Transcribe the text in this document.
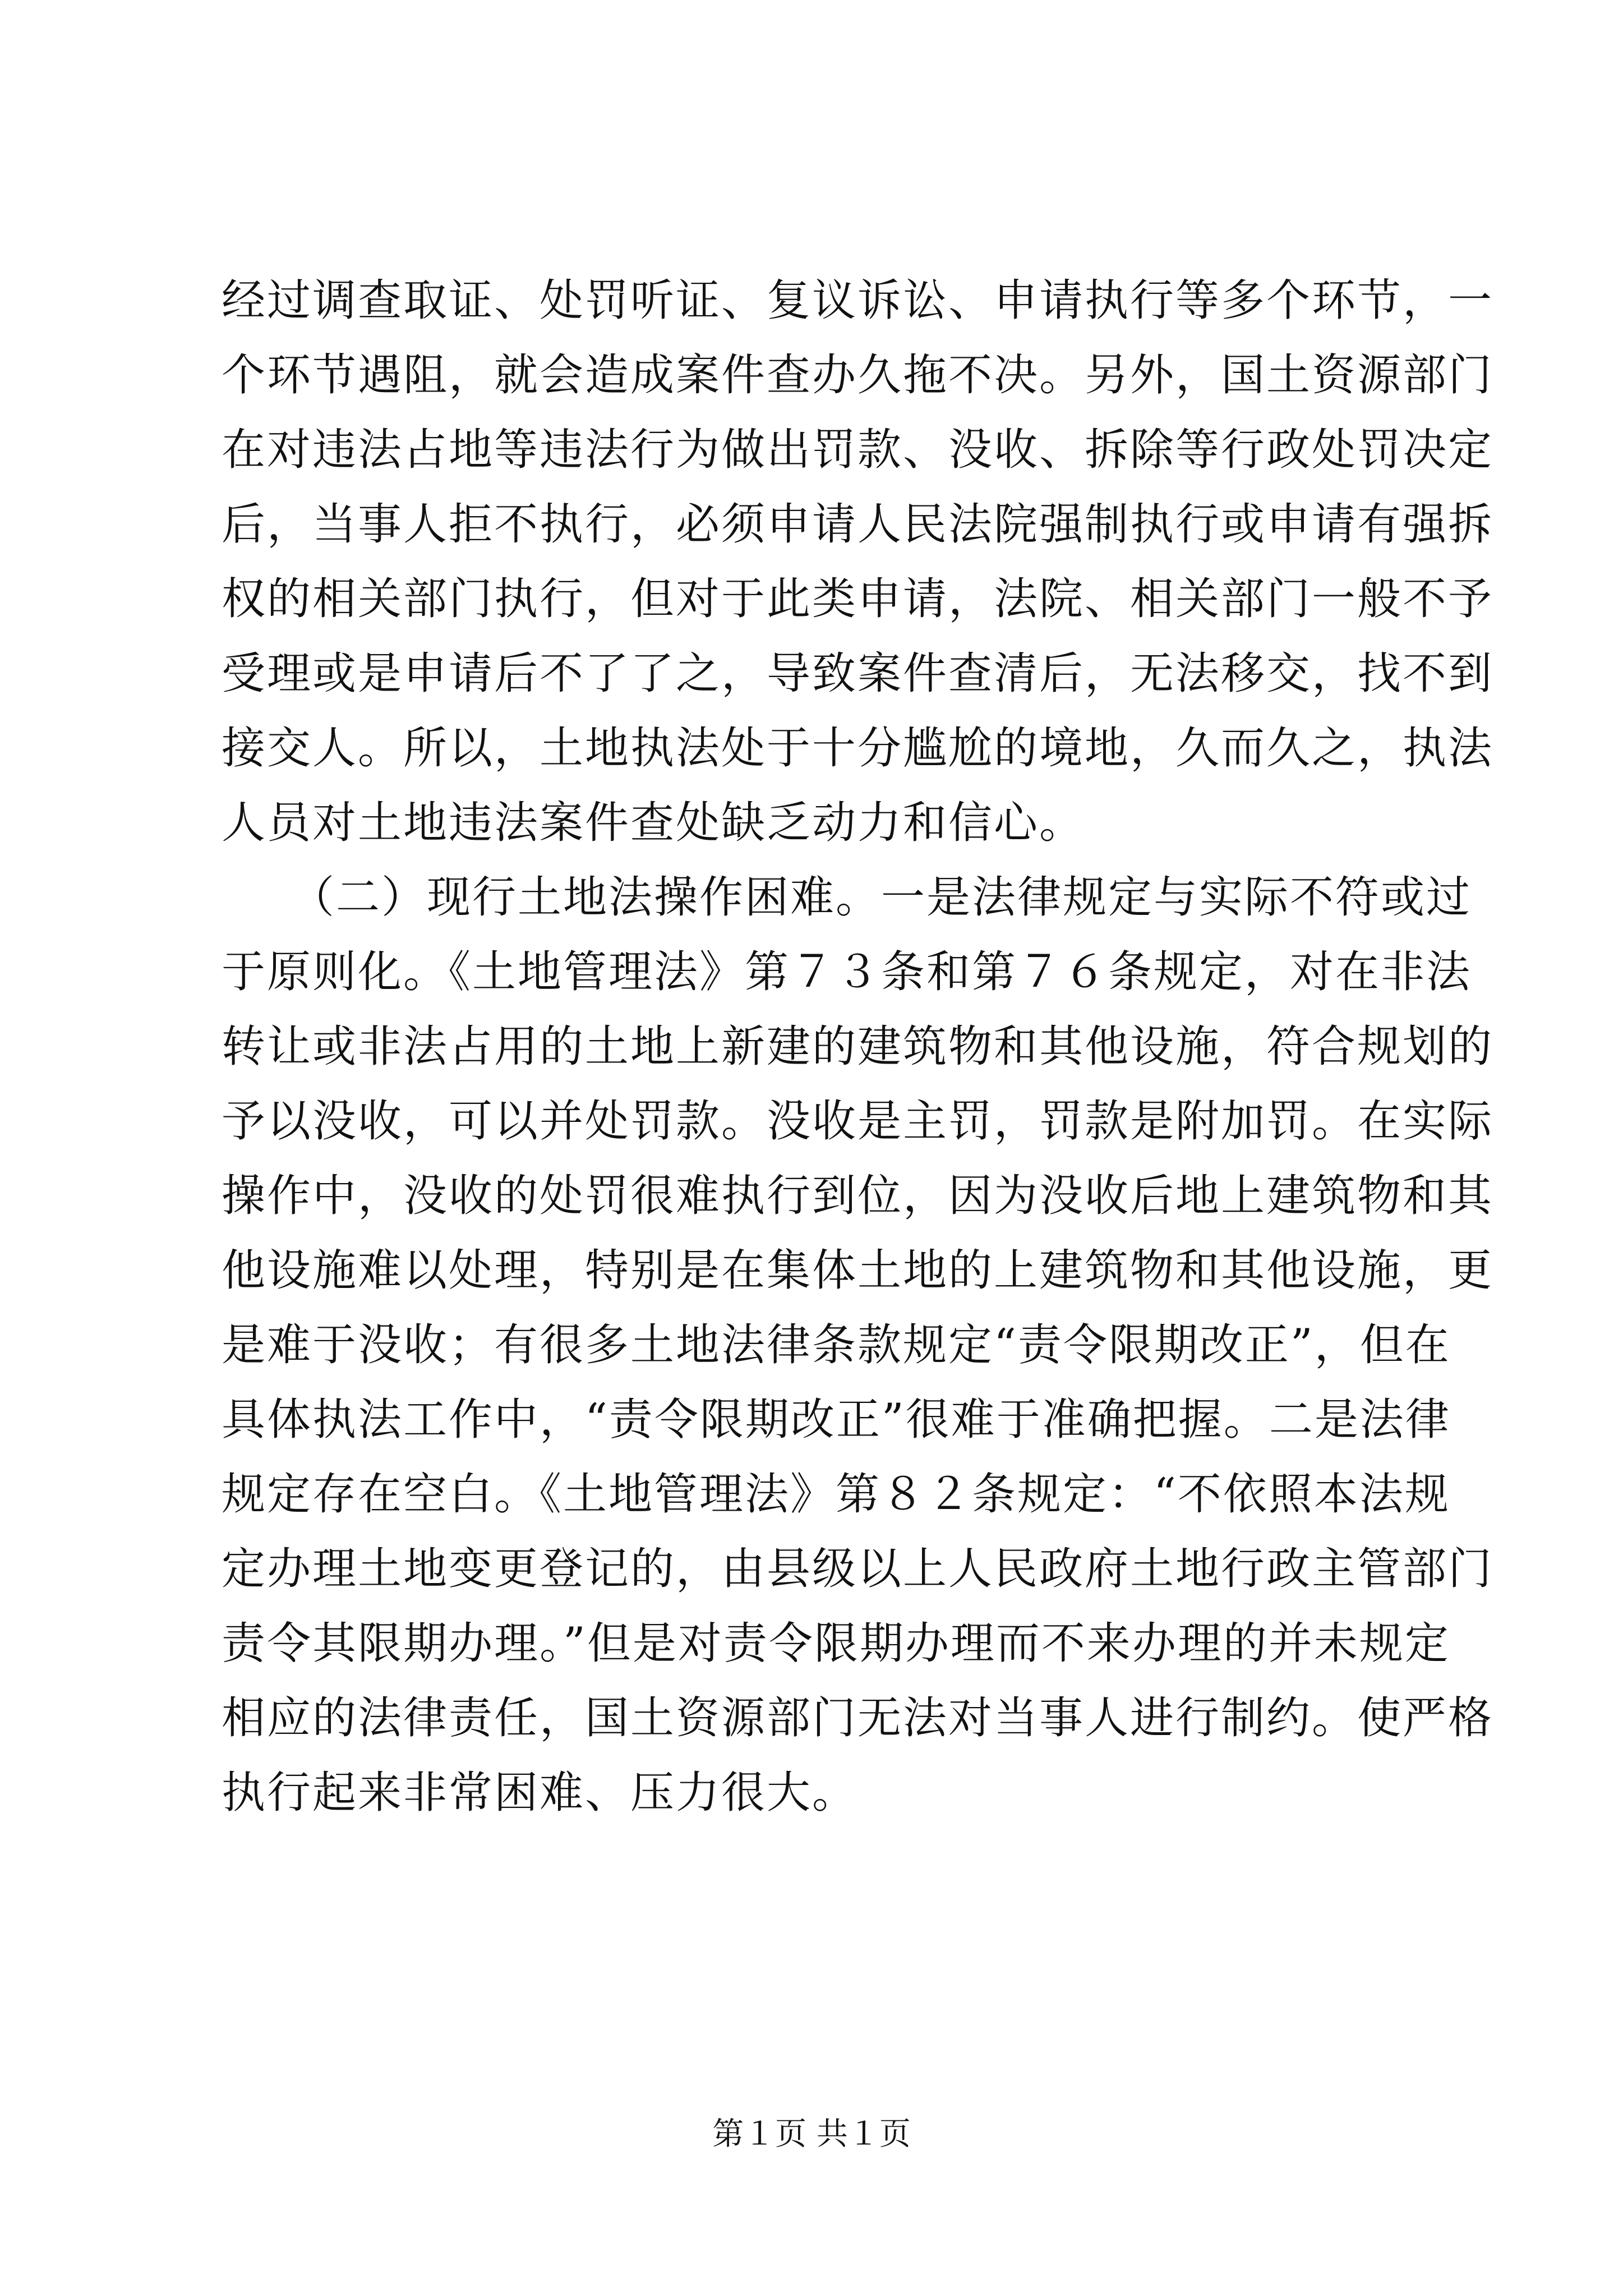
经过调查取证、处罚听证、复议诉讼、申请执行等多个环节，一
个环节遇阻，就会造成案件查办久拖不决。另外，国土资源部门
在对违法占地等违法行为做出罚款、没收、拆除等行政处罚决定
后，当事人拒不执行，必须申请人民法院强制执行或申请有强拆
权的相关部门执行，但对于此类申请，法院、相关部门一般不予
受理或是申请后不了了之，导致案件查清后，无法移交，找不到
接交人。所以，土地执法处于十分尴尬的境地，久而久之，执法
人员对土地违法案件查处缺乏动力和信心。
　　（二）现行土地法操作困难。一是法律规定与实际不符或过
于原则化。《土地管理法》第７３条和第７６条规定，对在非法
转让或非法占用的土地上新建的建筑物和其他设施，符合规划的
予以没收，可以并处罚款。没收是主罚，罚款是附加罚。在实际
操作中，没收的处罚很难执行到位，因为没收后地上建筑物和其
他设施难以处理，特别是在集体土地的上建筑物和其他设施，更
是难于没收；有很多土地法律条款规定“责令限期改正”，但在
具体执法工作中，“责令限期改正”很难于准确把握。二是法律
规定存在空白。《土地管理法》第８２条规定：“不依照本法规
定办理土地变更登记的，由县级以上人民政府土地行政主管部门
责令其限期办理。”但是对责令限期办理而不来办理的并未规定
相应的法律责任，国土资源部门无法对当事人进行制约。使严格
执行起来非常困难、压力很大。
第１页 共１页
